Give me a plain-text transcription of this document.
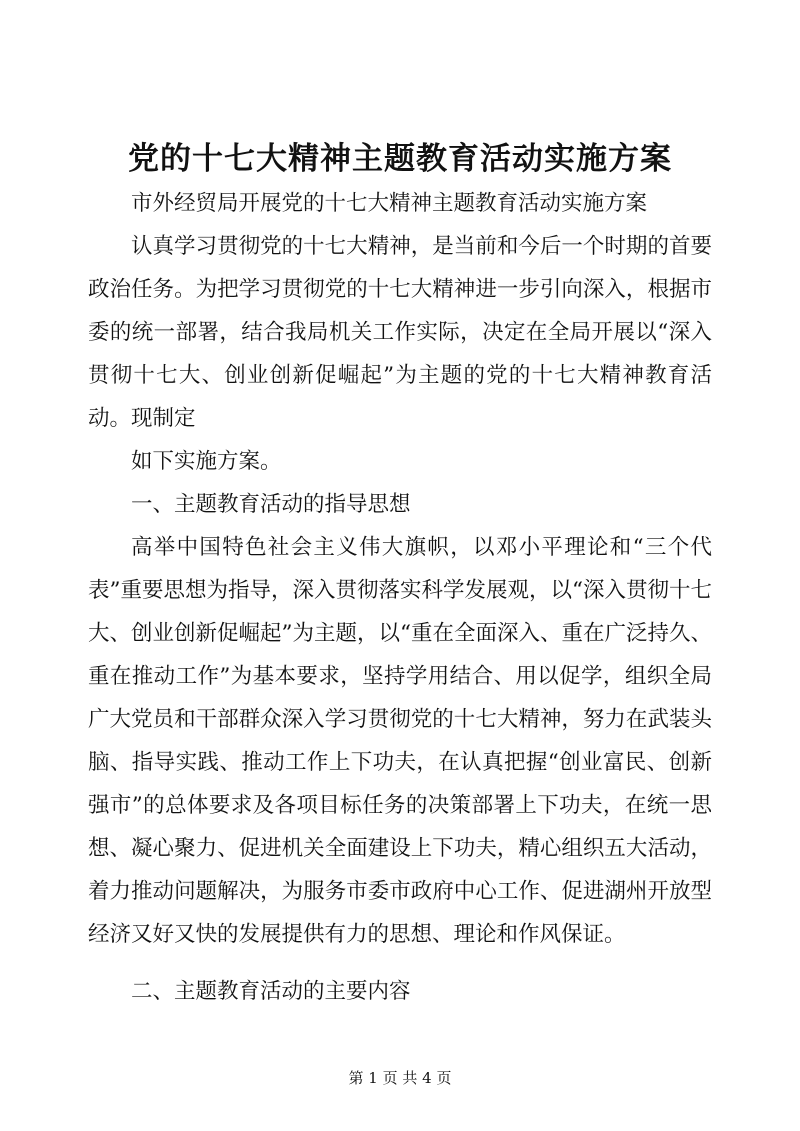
党的十七大精神主题教育活动实施方案

市外经贸局开展党的十七大精神主题教育活动实施方案

认真学习贯彻党的十七大精神，是当前和今后一个时期的首要政治任务。为把学习贯彻党的十七大精神进一步引向深入，根据市委的统一部署，结合我局机关工作实际，决定在全局开展以“深入贯彻十七大、创业创新促崛起”为主题的党的十七大精神教育活动。现制定

如下实施方案。

一、主题教育活动的指导思想

高举中国特色社会主义伟大旗帜，以邓小平理论和“三个代表”重要思想为指导，深入贯彻落实科学发展观，以“深入贯彻十七大、创业创新促崛起”为主题，以“重在全面深入、重在广泛持久、重在推动工作”为基本要求，坚持学用结合、用以促学，组织全局广大党员和干部群众深入学习贯彻党的十七大精神，努力在武装头脑、指导实践、推动工作上下功夫，在认真把握“创业富民、创新强市”的总体要求及各项目标任务的决策部署上下功夫，在统一思想、凝心聚力、促进机关全面建设上下功夫，精心组织五大活动，着力推动问题解决，为服务市委市政府中心工作、促进湖州开放型经济又好又快的发展提供有力的思想、理论和作风保证。

二、主题教育活动的主要内容

第 1 页 共 4 页
